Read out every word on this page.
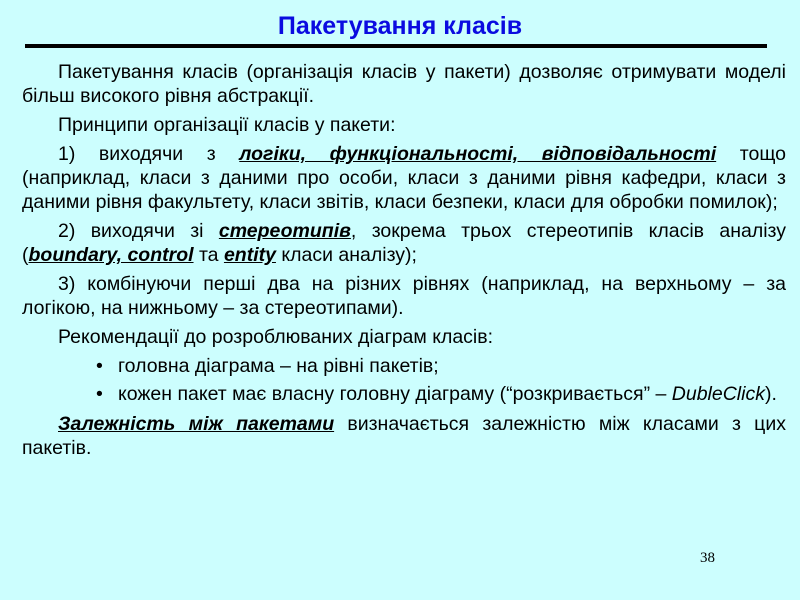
Пакетування класів

Пакетування класів (організація класів у пакети) дозволяє отримувати моделі більш високого рівня абстракції.

Принципи організації класів у пакети:

1) виходячи з логіки, функціональності, відповідальності тощо (наприклад, класи з даними про особи, класи з даними рівня кафедри, класи з даними рівня факультету, класи звітів, класи безпеки, класи для обробки помилок);

2) виходячи зі стереотипів, зокрема трьох стереотипів класів аналізу (boundary, control та entity класи аналізу);

3) комбінуючи перші два на різних рівнях (наприклад, на верхньому – за логікою, на нижньому – за стереотипами).

Рекомендації до розроблюваних діаграм класів:

• головна діаграма – на рівні пакетів;
• кожен пакет має власну головну діаграму (“розкривається” – DubleClick).

Залежність між пакетами визначається залежністю між класами з цих пакетів.

38
